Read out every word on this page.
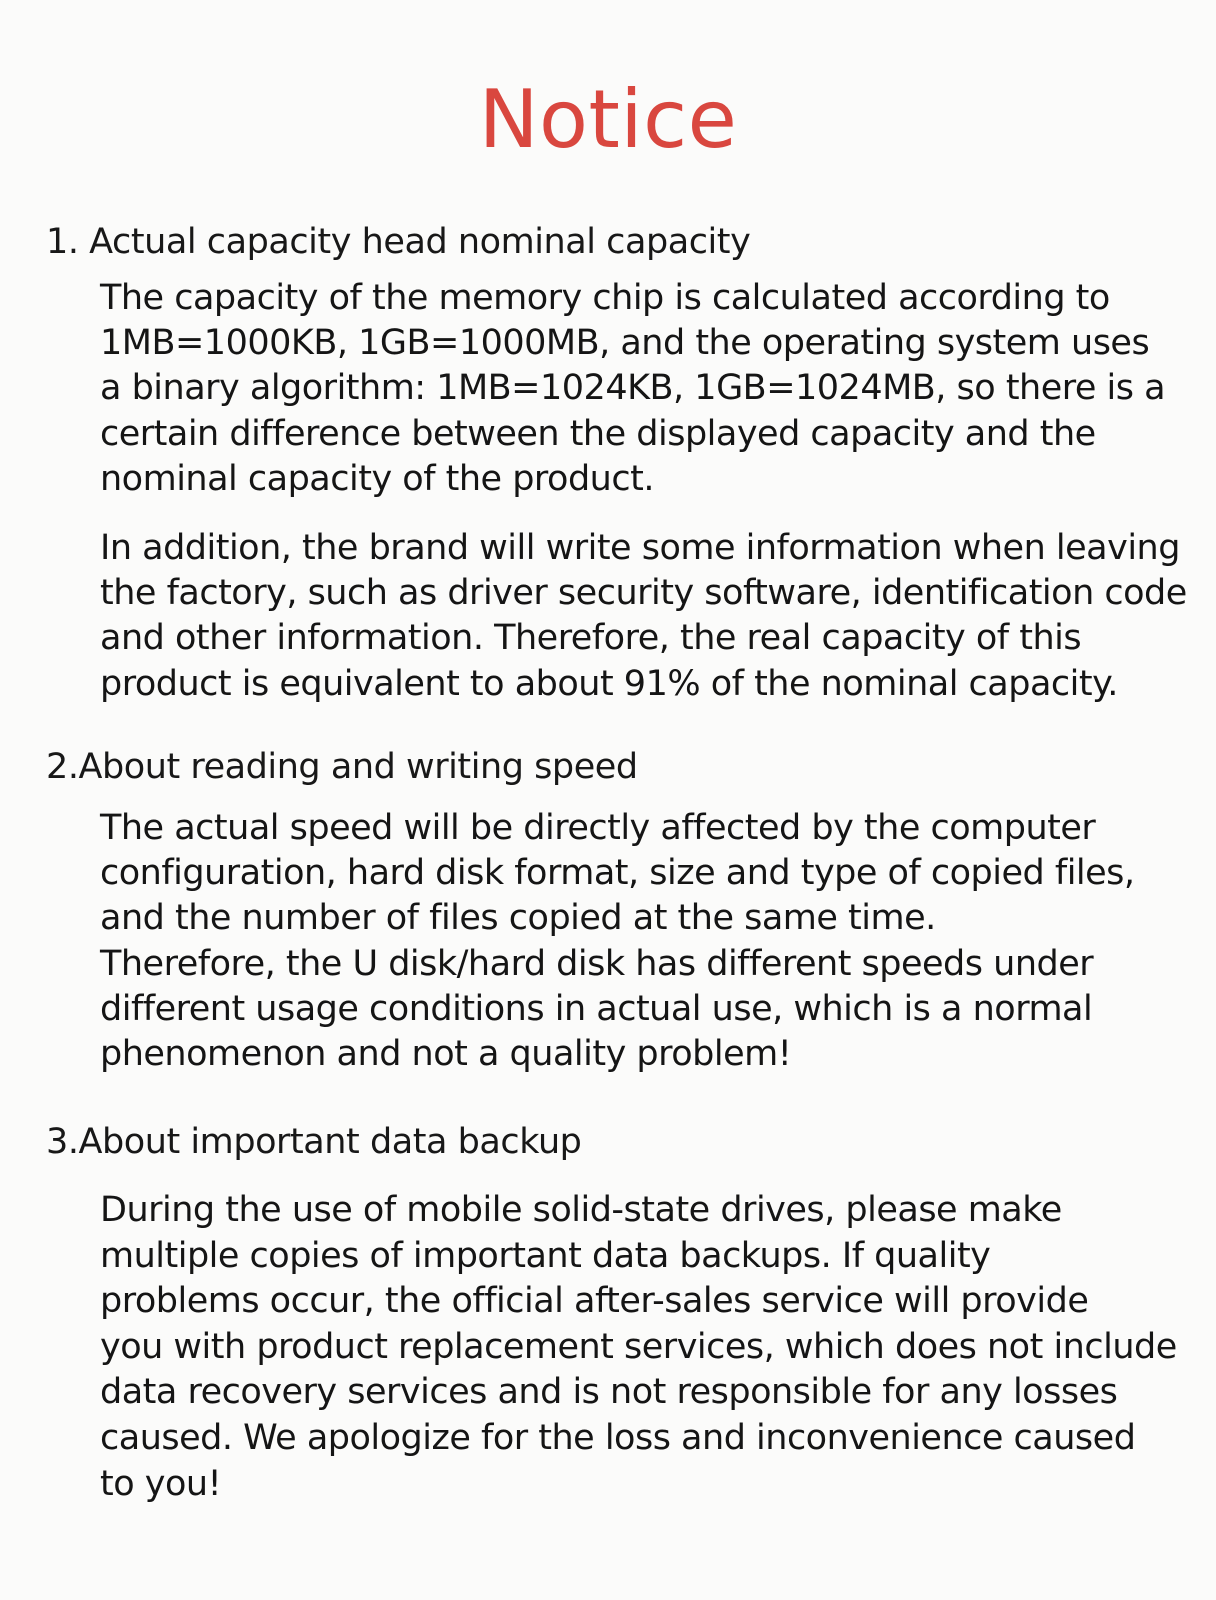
Notice
1. Actual capacity head nominal capacity
The capacity of the memory chip is calculated according to
1MB=1000KB, 1GB=1000MB, and the operating system uses
a binary algorithm: 1MB=1024KB, 1GB=1024MB, so there is a
certain difference between the displayed capacity and the
nominal capacity of the product.
In addition, the brand will write some information when leaving
the factory, such as driver security software, identification code
and other information. Therefore, the real capacity of this
product is equivalent to about 91% of the nominal capacity.
2.About reading and writing speed
The actual speed will be directly affected by the computer
configuration, hard disk format, size and type of copied files,
and the number of files copied at the same time.
Therefore, the U disk/hard disk has different speeds under
different usage conditions in actual use, which is a normal
phenomenon and not a quality problem!
3.About important data backup
During the use of mobile solid-state drives, please make
multiple copies of important data backups. If quality
problems occur, the official after-sales service will provide
you with product replacement services, which does not include
data recovery services and is not responsible for any losses
caused. We apologize for the loss and inconvenience caused
to you!
